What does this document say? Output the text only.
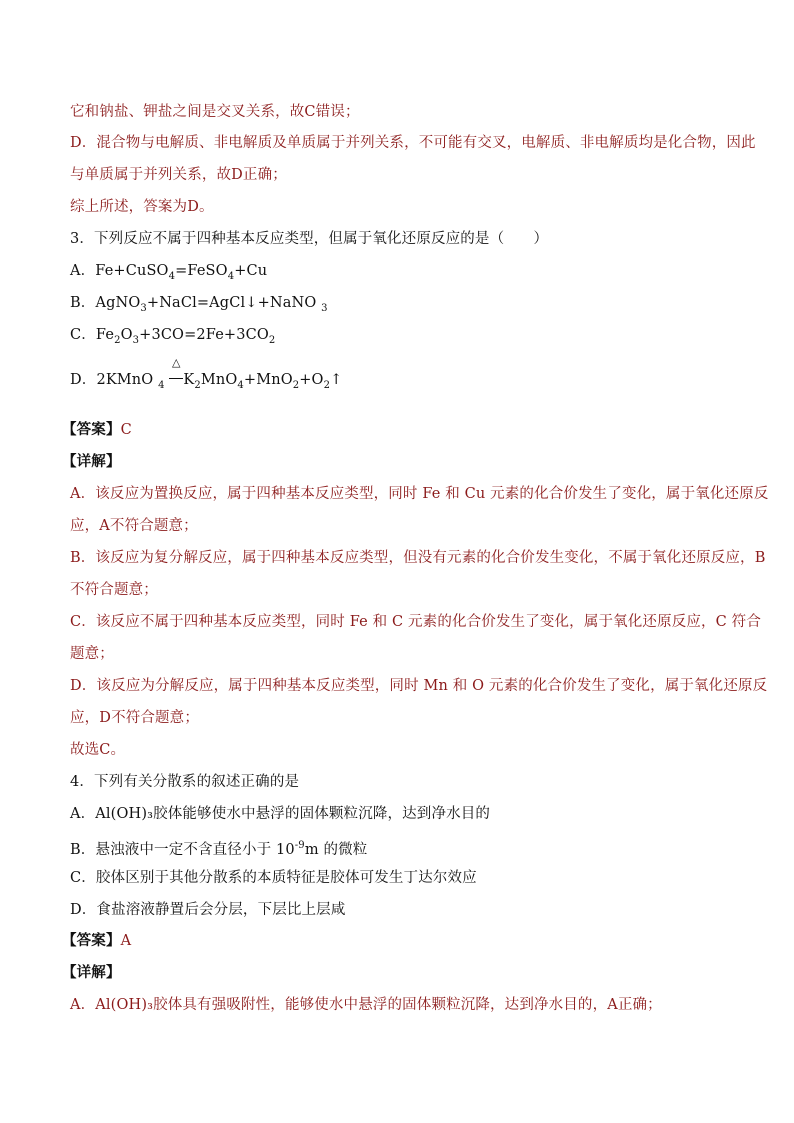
它和钠盐、钾盐之间是交叉关系，故C错误；
D．混合物与电解质、非电解质及单质属于并列关系，不可能有交叉，电解质、非电解质均是化合物，因此
与单质属于并列关系，故D正确；
综上所述，答案为D。
3．下列反应不属于四种基本反应类型，但属于氧化还原反应的是（　　）
A．Fe+CuSO$_4$=FeSO$_4$+Cu
B．AgNO$_3$+NaCl=AgCl↓+NaNO $_3$
C．$Fe_2O_3+3CO=2Fe+3CO_2$
D．2KMnO $_4$
△
$K_2MnO_4+MnO_2+O_2↑$
【答案】C
【详解】
A．该反应为置换反应，属于四种基本反应类型，同时 Fe 和 Cu 元素的化合价发生了变化，属于氧化还原反
应，A不符合题意；
B．该反应为复分解反应，属于四种基本反应类型，但没有元素的化合价发生变化，不属于氧化还原反应，B
不符合题意；
C．该反应不属于四种基本反应类型，同时 Fe 和 C 元素的化合价发生了变化，属于氧化还原反应，C 符合
题意；
D．该反应为分解反应，属于四种基本反应类型，同时 Mn 和 O 元素的化合价发生了变化，属于氧化还原反
应，D不符合题意；
故选C。
4．下列有关分散系的叙述正确的是
A．Al(OH)₃胶体能够使水中悬浮的固体颗粒沉降，达到净水目的
B．悬浊液中一定不含直径小于 $10^{-9}m$ 的微粒
C．胶体区别于其他分散系的本质特征是胶体可发生丁达尔效应
D．食盐溶液静置后会分层，下层比上层咸
【答案】A
【详解】
A．Al(OH)₃胶体具有强吸附性，能够使水中悬浮的固体颗粒沉降，达到净水目的，A正确；
